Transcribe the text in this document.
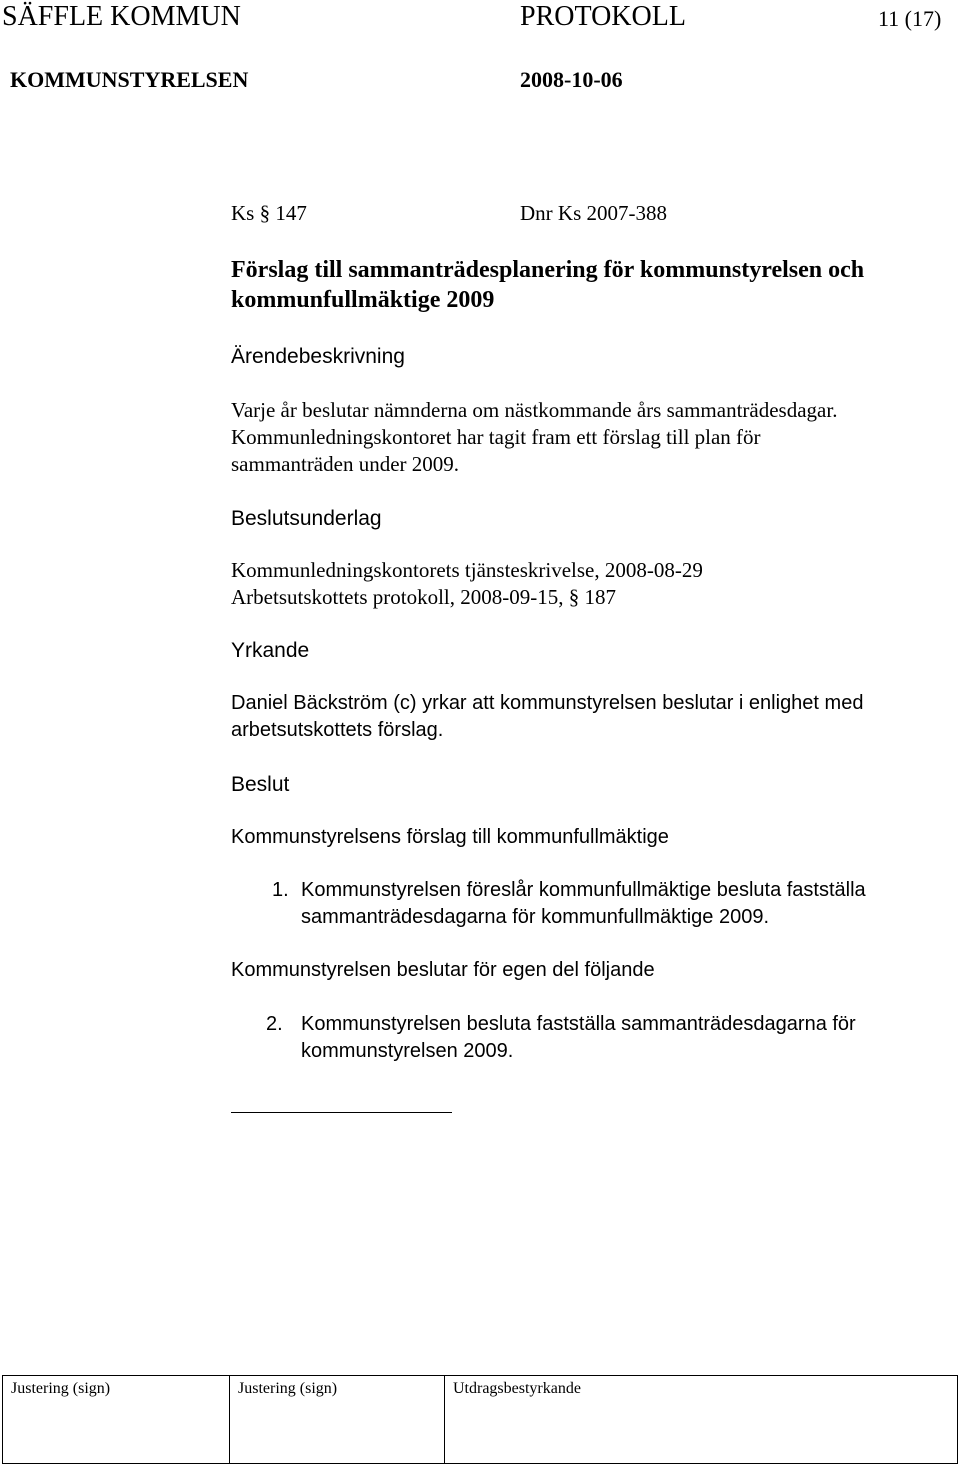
SÄFFLE KOMMUN	PROTOKOLL	11 (17)
KOMMUNSTYRELSEN	2008-10-06
Ks § 147	Dnr Ks 2007-388
Förslag till sammanträdesplanering för kommunstyrelsen och
kommunfullmäktige 2009
Ärendebeskrivning
Varje år beslutar nämnderna om nästkommande års sammanträdesdagar.
Kommunledningskontoret har tagit fram ett förslag till plan för
sammanträden under 2009.
Beslutsunderlag
Kommunledningskontorets tjänsteskrivelse, 2008-08-29
Arbetsutskottets protokoll, 2008-09-15, § 187
Yrkande
Daniel Bäckström (c) yrkar att kommunstyrelsen beslutar i enlighet med
arbetsutskottets förslag.
Beslut
Kommunstyrelsens förslag till kommunfullmäktige
1. Kommunstyrelsen föreslår kommunfullmäktige besluta fastställa
sammanträdesdagarna för kommunfullmäktige 2009.
Kommunstyrelsen beslutar för egen del följande
2. Kommunstyrelsen besluta fastställa sammanträdesdagarna för
kommunstyrelsen 2009.
Justering (sign)	Justering (sign)	Utdragsbestyrkande
